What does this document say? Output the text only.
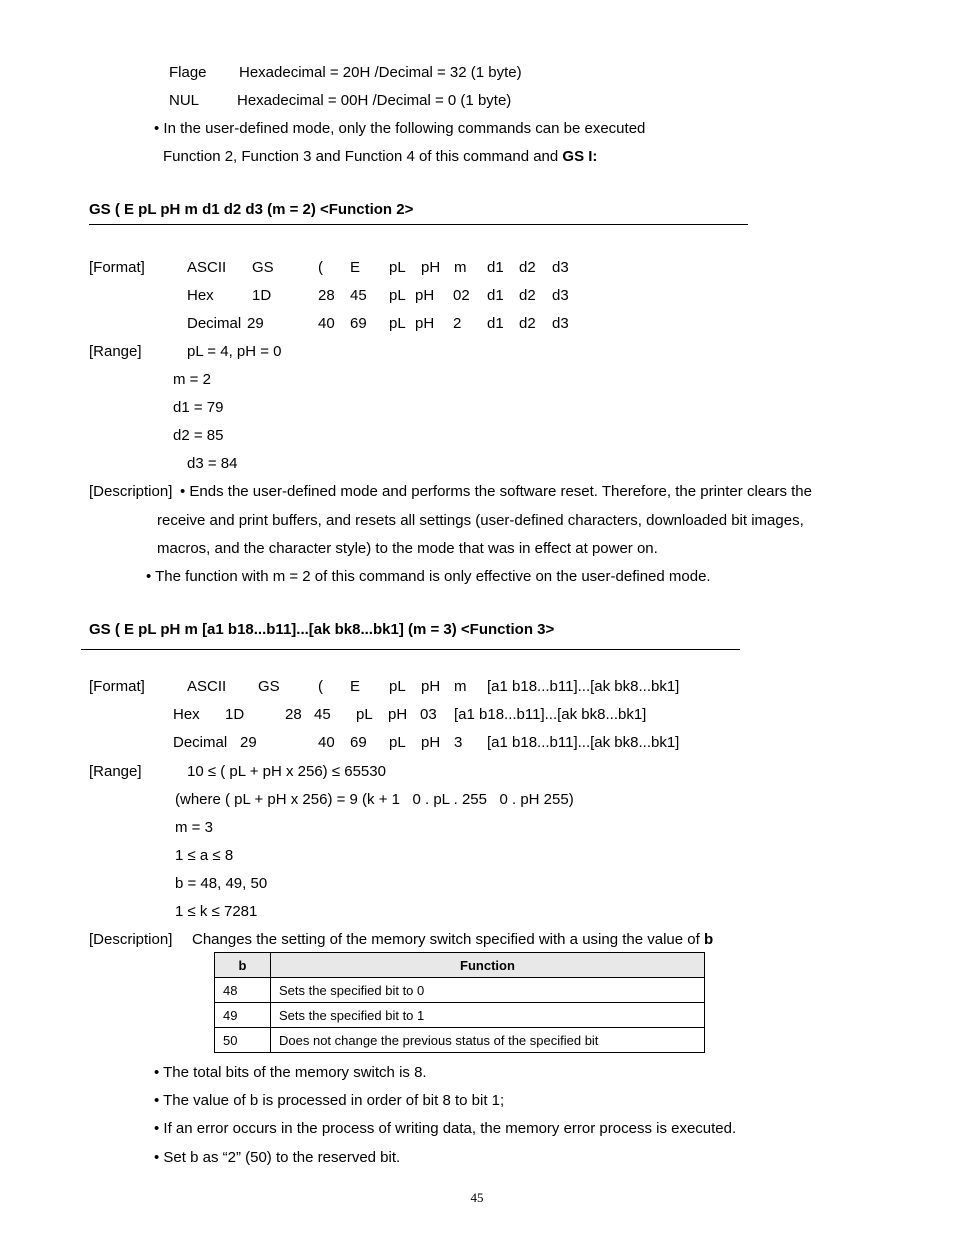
Flage Hexadecimal = 20H /Decimal = 32 (1 byte)
NUL	Hexadecimal = 00H /Decimal = 0 (1 byte)
• In the user-defined mode, only the following commands can be executed
Function 2, Function 3 and Function 4 of this command and GS I:
GS ( E pL pH m d1 d2 d3 (m = 2) <Function 2>
[Format]	ASCII GS	( E pL pH m d1 d2 d3
Hex	1D	28 45 pL pH 02 d1 d2 d3
Decimal 29	40 69 pL pH 2 d1 d2 d3
[Range]	pL = 4, pH = 0
m = 2
d1 = 79
d2 = 85
d3 = 84
[Description] • Ends the user-defined mode and performs the software reset. Therefore, the printer clears the
receive and print buffers, and resets all settings (user-defined characters, downloaded bit images,
macros, and the character style) to the mode that was in effect at power on.
• The function with m = 2 of this command is only effective on the user-defined mode.
GS ( E pL pH m [a1 b18...b11]...[ak bk8...bk1] (m = 3) <Function 3>
[Format]	ASCII GS	( E pL pH m [a1 b18...b11]...[ak bk8...bk1]
Hex 1D	28 45 pL pH 03 [a1 b18...b11]...[ak bk8...bk1]
Decimal 29	40 69 pL pH 3 [a1 b18...b11]...[ak bk8...bk1]
[Range]	10 ≤ ( pL + pH x 256) ≤ 65530
(where ( pL + pH x 256) = 9 (k + 1   0 . pL . 255   0 . pH 255)
m = 3
1 ≤ a ≤ 8
b = 48, 49, 50
1 ≤ k ≤ 7281
[Description] Changes the setting of the memory switch specified with a using the value of b
b	Function
48	Sets the specified bit to 0
49	Sets the specified bit to 1
50	Does not change the previous status of the specified bit
• The total bits of the memory switch is 8.
• The value of b is processed in order of bit 8 to bit 1;
• If an error occurs in the process of writing data, the memory error process is executed.
• Set b as “2” (50) to the reserved bit.
45
